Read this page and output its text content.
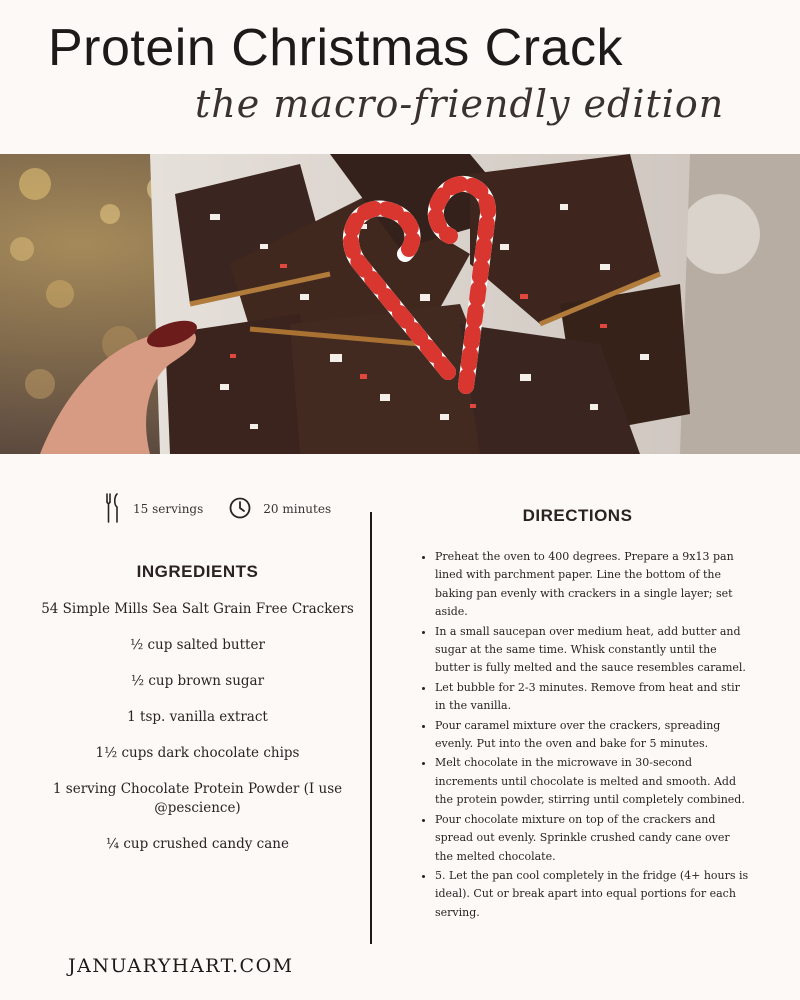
Protein Christmas Crack
the macro-friendly edition
15 servings	20 minutes
INGREDIENTS
54 Simple Mills Sea Salt Grain Free Crackers
½ cup salted butter
½ cup brown sugar
1 tsp. vanilla extract
1½ cups dark chocolate chips
1 serving Chocolate Protein Powder (I use @pescience)
¼ cup crushed candy cane
DIRECTIONS
• Preheat the oven to 400 degrees. Prepare a 9x13 pan lined with parchment paper. Line the bottom of the baking pan evenly with crackers in a single layer; set aside.
• In a small saucepan over medium heat, add butter and sugar at the same time. Whisk constantly until the butter is fully melted and the sauce resembles caramel.
• Let bubble for 2-3 minutes. Remove from heat and stir in the vanilla.
• Pour caramel mixture over the crackers, spreading evenly. Put into the oven and bake for 5 minutes.
• Melt chocolate in the microwave in 30-second increments until chocolate is melted and smooth. Add the protein powder, stirring until completely combined.
• Pour chocolate mixture on top of the crackers and spread out evenly. Sprinkle crushed candy cane over the melted chocolate.
• 5. Let the pan cool completely in the fridge (4+ hours is ideal). Cut or break apart into equal portions for each serving.
JANUARYHART.COM
